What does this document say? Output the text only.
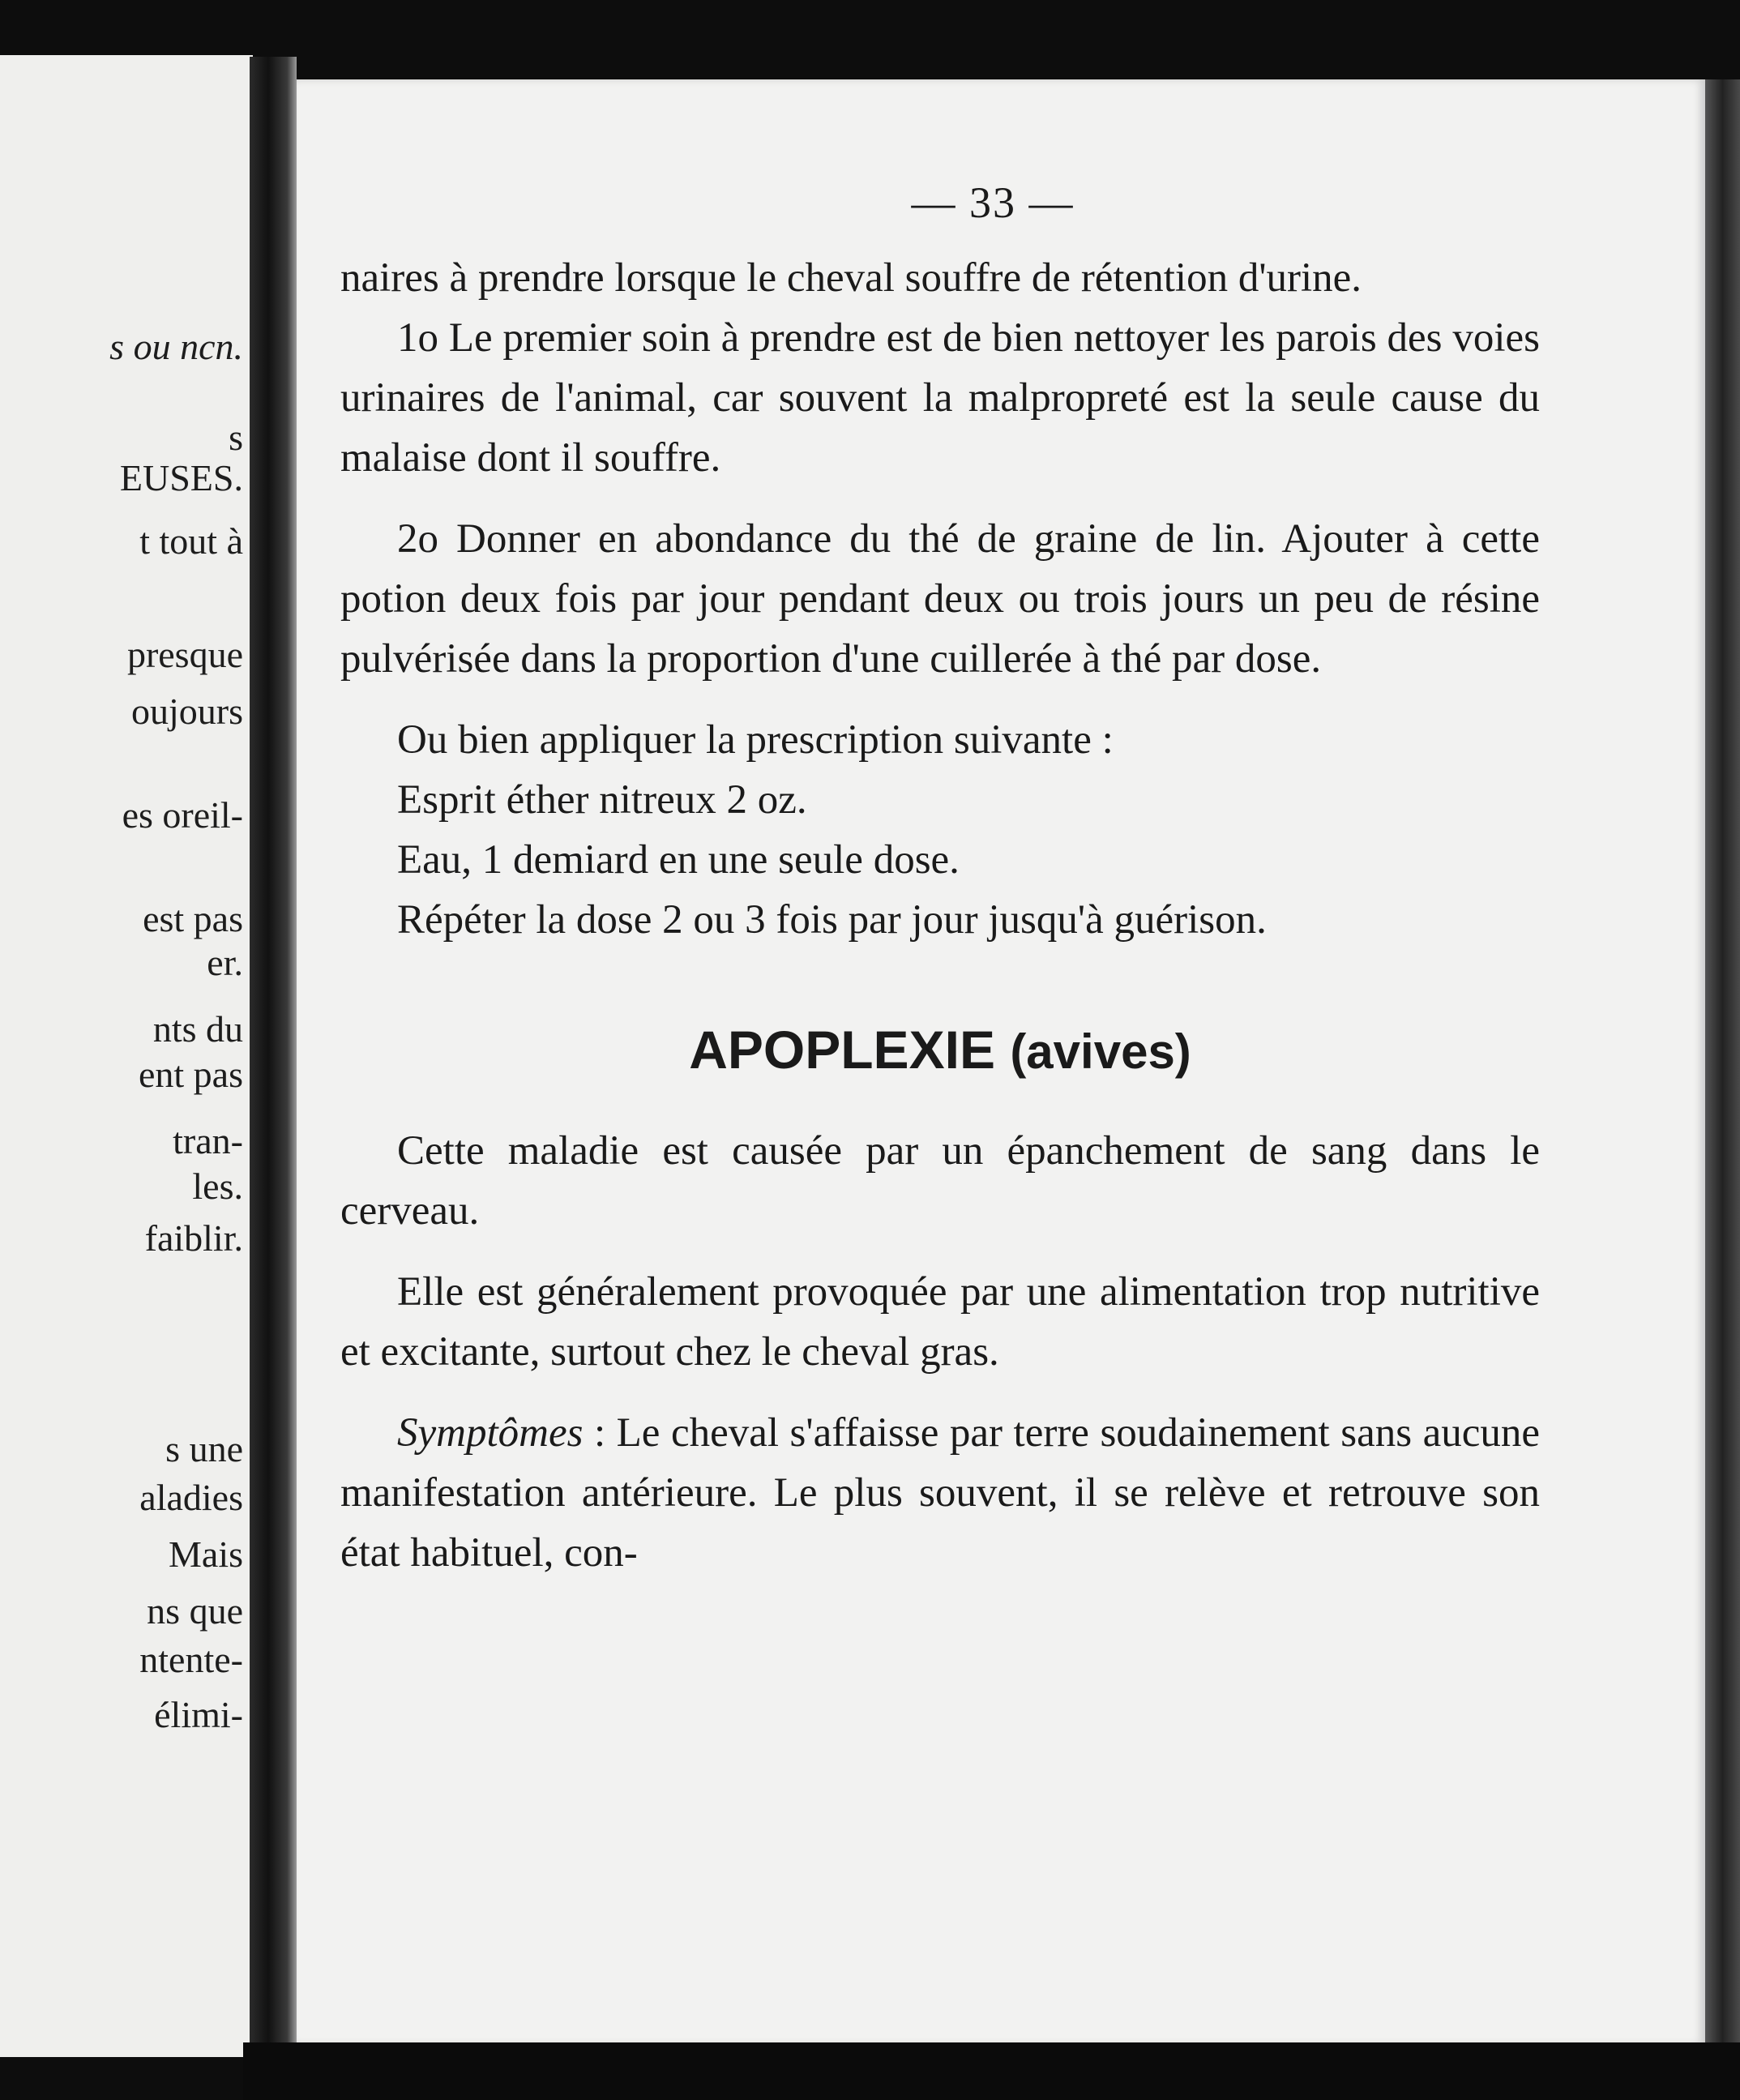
s ou ncn.

s

EUSES.

t tout à

presque

oujours

es oreil-

est pas

er.

nts du

ent pas

tran-

les.

faiblir.

s une

aladies

Mais

ns que

ntente-

élimi-

— 33 —

naires à prendre lorsque le cheval souffre de rétention d'urine.

1o Le premier soin à prendre est de bien nettoyer les parois des voies urinaires de l'animal, car souvent la malpropreté est la seule cause du malaise dont il souffre.

2o Donner en abondance du thé de graine de lin. Ajouter à cette potion deux fois par jour pendant deux ou trois jours un peu de résine pulvérisée dans la proportion d'une cuillerée à thé par dose.

Ou bien appliquer la prescription suivante :

Esprit éther nitreux 2 oz.

Eau, 1 demiard en une seule dose.

Répéter la dose 2 ou 3 fois par jour jusqu'à guérison.

APOPLEXIE (avives)

Cette maladie est causée par un épanchement de sang dans le cerveau.

Elle est généralement provoquée par une alimentation trop nutritive et excitante, surtout chez le cheval gras.

Symptômes : Le cheval s'affaisse par terre soudainement sans aucune manifestation antérieure. Le plus souvent, il se relève et retrouve son état habituel, con-
